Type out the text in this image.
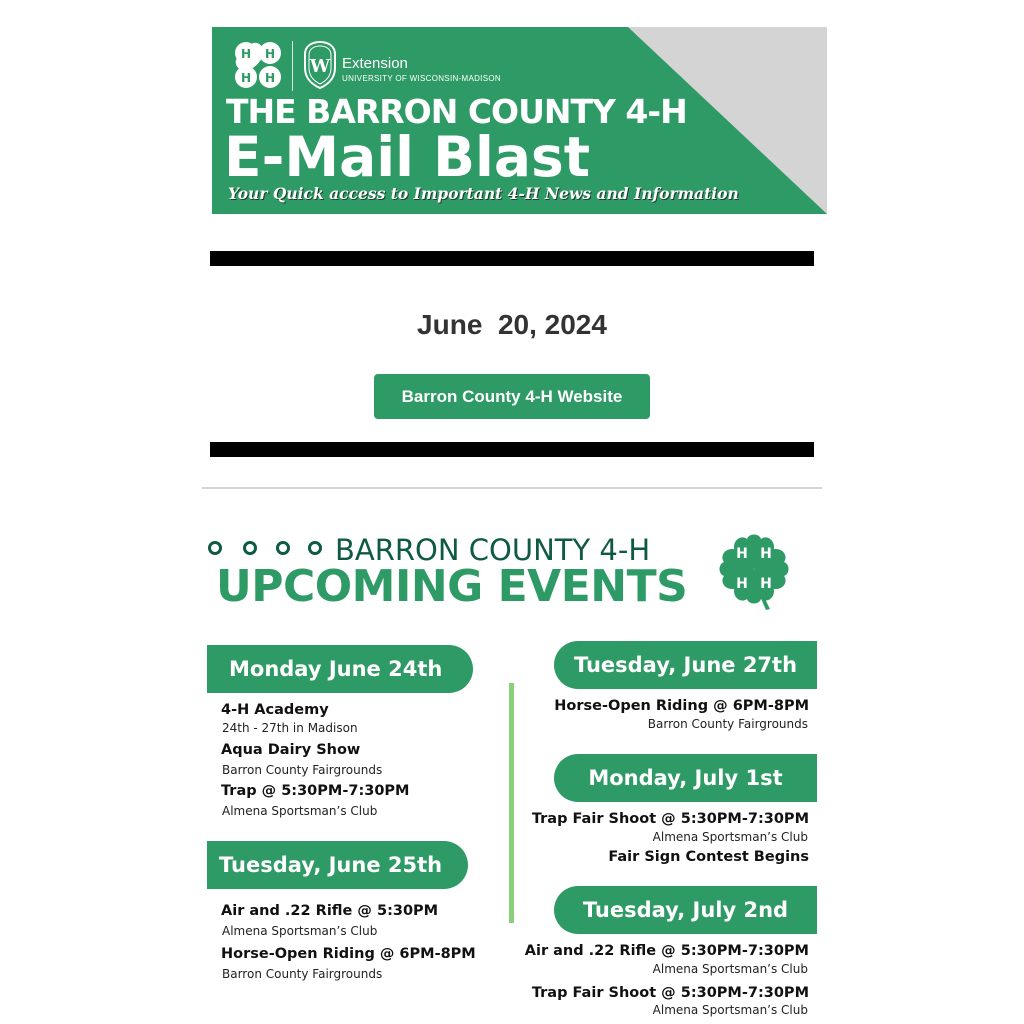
H H
H H
W Extension
UNIVERSITY OF WISCONSIN-MADISON
THE BARRON COUNTY 4-H
E-Mail Blast
Your Quick access to Important 4-H News and Information
June  20, 2024
Barron County 4-H Website
BARRON COUNTY 4-H
UPCOMING EVENTS
H H
H H
Monday June 24th
4-H Academy
24th - 27th in Madison
Aqua Dairy Show
Barron County Fairgrounds
Trap @ 5:30PM-7:30PM
Almena Sportsman’s Club
Tuesday, June 25th
Air and .22 Rifle @ 5:30PM
Almena Sportsman’s Club
Horse-Open Riding @ 6PM-8PM
Barron County Fairgrounds
Tuesday, June 27th
Horse-Open Riding @ 6PM-8PM
Barron County Fairgrounds
Monday, July 1st
Trap Fair Shoot @ 5:30PM-7:30PM
Almena Sportsman’s Club
Fair Sign Contest Begins
Tuesday, July 2nd
Air and .22 Rifle @ 5:30PM-7:30PM
Almena Sportsman’s Club
Trap Fair Shoot @ 5:30PM-7:30PM
Almena Sportsman’s Club
